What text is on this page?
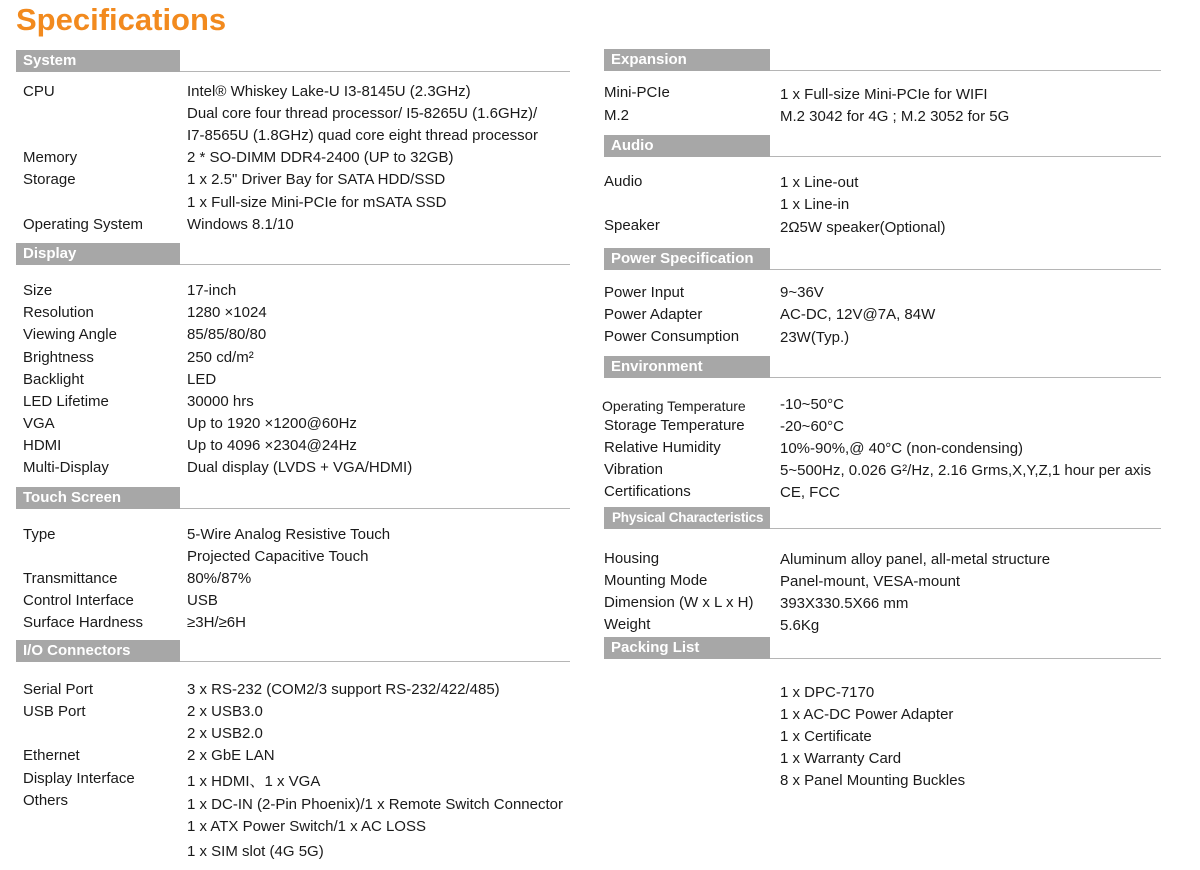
Specifications
System
CPU	Intel® Whiskey Lake-U I3-8145U (2.3GHz)
Dual core four thread processor/ I5-8265U (1.6GHz)/
I7-8565U (1.8GHz) quad core eight thread processor
Memory	2 * SO-DIMM DDR4-2400 (UP to 32GB)
Storage	1 x 2.5" Driver Bay for SATA HDD/SSD
1 x Full-size Mini-PCIe for mSATA SSD
Operating System	Windows 8.1/10
Display
Size	17-inch
Resolution	1280 ×1024
Viewing Angle	85/85/80/80
Brightness	250 cd/m²
Backlight	LED
LED Lifetime	30000 hrs
VGA	Up to 1920 ×1200@60Hz
HDMI	Up to 4096 ×2304@24Hz
Multi-Display	Dual display (LVDS + VGA/HDMI)
Touch Screen
Type	5-Wire Analog Resistive Touch
Projected Capacitive Touch
Transmittance	80%/87%
Control Interface	USB
Surface Hardness	≥3H/≥6H
I/O Connectors
Serial Port	3 x RS-232 (COM2/3 support RS-232/422/485)
USB Port	2 x USB3.0
2 x USB2.0
Ethernet	2 x GbE LAN
Display Interface	1 x HDMI、1 x VGA
Others	1 x DC-IN (2-Pin Phoenix)/1 x Remote Switch Connector
1 x ATX Power Switch/1 x AC LOSS
1 x SIM slot (4G 5G)
Expansion
Mini-PCIe	1 x Full-size Mini-PCIe for WIFI
M.2	M.2 3042 for 4G ; M.2 3052 for 5G
Audio
Audio	1 x Line-out
1 x Line-in
Speaker	2Ω5W speaker(Optional)
Power Specification
Power Input	9~36V
Power Adapter	AC-DC, 12V@7A, 84W
Power Consumption	23W(Typ.)
Environment
Operating Temperature -10~50°C
Storage Temperature -20~60°C
Relative Humidity	10%-90%,@ 40°C (non-condensing)
Vibration	5~500Hz, 0.026 G²/Hz, 2.16 Grms,X,Y,Z,1 hour per axis
Certifications	CE, FCC
Physical Characteristics
Housing	Aluminum alloy panel, all-metal structure
Mounting Mode	Panel-mount, VESA-mount
Dimension (W x L x H) 393X330.5X66 mm
Weight	5.6Kg
Packing List
1 x DPC-7170
1 x AC-DC Power Adapter
1 x Certificate
1 x Warranty Card
8 x Panel Mounting Buckles
